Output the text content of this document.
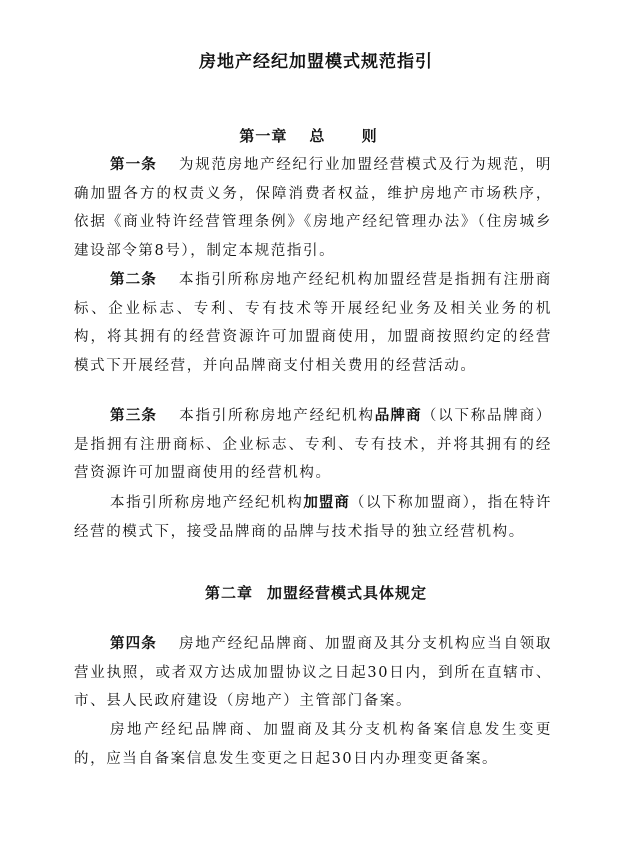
房地产经纪加盟模式规范指引
第一章 总 则

第一条 为规范房地产经纪行业加盟经营模式及行为规范，明确加盟各方的权责义务，保障消费者权益，维护房地产市场秩序，依据《商业特许经营管理条例》《房地产经纪管理办法》（住房城乡建设部令第8号），制定本规范指引。

第二条 本指引所称房地产经纪机构加盟经营是指拥有注册商标、企业标志、专利、专有技术等开展经纪业务及相关业务的机构，将其拥有的经营资源许可加盟商使用，加盟商按照约定的经营模式下开展经营，并向品牌商支付相关费用的经营活动。

第三条 本指引所称房地产经纪机构品牌商（以下称品牌商）是指拥有注册商标、企业标志、专利、专有技术，并将其拥有的经营资源许可加盟商使用的经营机构。

本指引所称房地产经纪机构加盟商（以下称加盟商），指在特许经营的模式下，接受品牌商的品牌与技术指导的独立经营机构。

第二章 加盟经营模式具体规定

第四条 房地产经纪品牌商、加盟商及其分支机构应当自领取营业执照，或者双方达成加盟协议之日起30日内，到所在直辖市、市、县人民政府建设（房地产）主管部门备案。

房地产经纪品牌商、加盟商及其分支机构备案信息发生变更的，应当自备案信息发生变更之日起30日内办理变更备案。
